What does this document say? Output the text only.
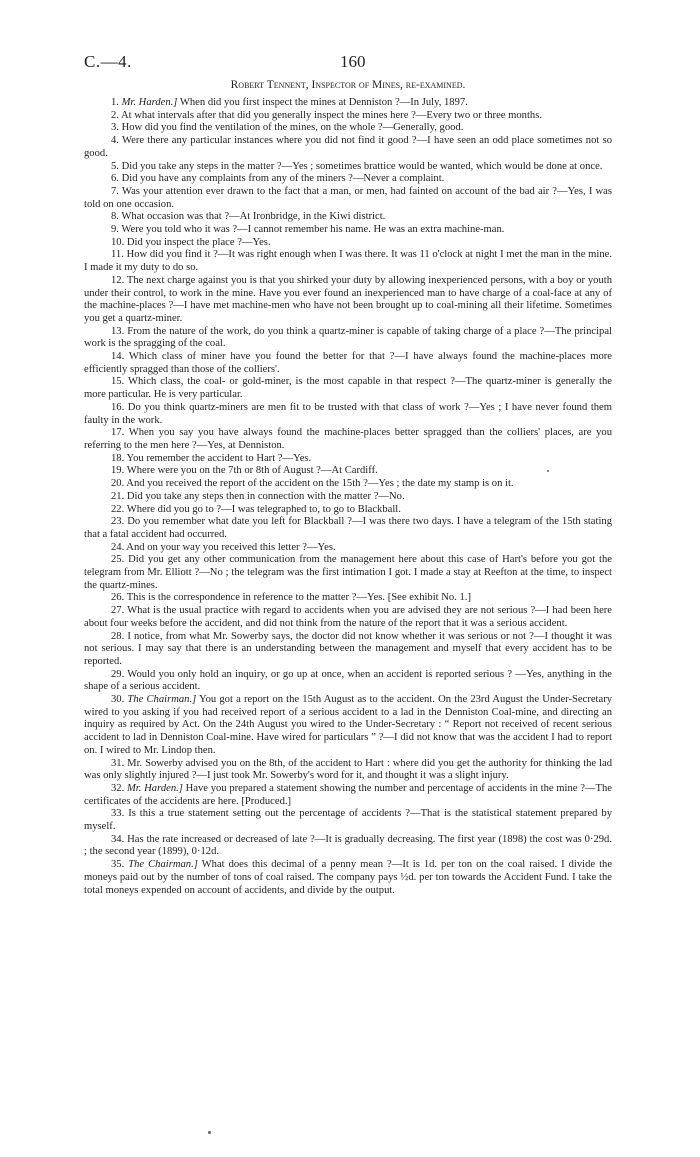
C.—4.	160
Robert Tennent, Inspector of Mines, re-examined.

1. Mr. Harden.] When did you first inspect the mines at Denniston ?—In July, 1897.

2. At what intervals after that did you generally inspect the mines here ?—Every two or three months.

3. How did you find the ventilation of the mines, on the whole ?—Generally, good.

4. Were there any particular instances where you did not find it good ?—I have seen an odd place sometimes not so good.

5. Did you take any steps in the matter ?—Yes ; sometimes brattice would be wanted, which would be done at once.

6. Did you have any complaints from any of the miners ?—Never a complaint.

7. Was your attention ever drawn to the fact that a man, or men, had fainted on account of the bad air ?—Yes, I was told on one occasion.

8. What occasion was that ?—At Ironbridge, in the Kiwi district.

9. Were you told who it was ?—I cannot remember his name. He was an extra machine-man.

10. Did you inspect the place ?—Yes.

11. How did you find it ?—It was right enough when I was there. It was 11 o'clock at night I met the man in the mine. I made it my duty to do so.

12. The next charge against you is that you shirked your duty by allowing inexperienced persons, with a boy or youth under their control, to work in the mine. Have you ever found an inexperienced man to have charge of a coal-face at any of the machine-places ?—I have met machine-men who have not been brought up to coal-mining all their lifetime. Sometimes you get a quartz-miner.

13. From the nature of the work, do you think a quartz-miner is capable of taking charge of a place ?—The principal work is the spragging of the coal.

14. Which class of miner have you found the better for that ?—I have always found the machine-places more efficiently spragged than those of the colliers'.

15. Which class, the coal- or gold-miner, is the most capable in that respect ?—The quartz-miner is generally the more particular. He is very particular.

16. Do you think quartz-miners are men fit to be trusted with that class of work ?—Yes ; I have never found them faulty in the work.

17. When you say you have always found the machine-places better spragged than the colliers' places, are you referring to the men here ?—Yes, at Denniston.

18. You remember the accident to Hart ?—Yes.

19. Where were you on the 7th or 8th of August ?—At Cardiff.

20. And you received the report of the accident on the 15th ?—Yes ; the date my stamp is on it.

21. Did you take any steps then in connection with the matter ?—No.

22. Where did you go to ?—I was telegraphed to, to go to Blackball.

23. Do you remember what date you left for Blackball ?—I was there two days. I have a telegram of the 15th stating that a fatal accident had occurred.

24. And on your way you received this letter ?—Yes.

25. Did you get any other communication from the management here about this case of Hart's before you got the telegram from Mr. Elliott ?—No ; the telegram was the first intimation I got. I made a stay at Reefton at the time, to inspect the quartz-mines.

26. This is the correspondence in reference to the matter ?—Yes. [See exhibit No. 1.]

27. What is the usual practice with regard to accidents when you are advised they are not serious ?—I had been here about four weeks before the accident, and did not think from the nature of the report that it was a serious accident.

28. I notice, from what Mr. Sowerby says, the doctor did not know whether it was serious or not ?—I thought it was not serious. I may say that there is an understanding between the management and myself that every accident has to be reported.

29. Would you only hold an inquiry, or go up at once, when an accident is reported serious ? —Yes, anything in the shape of a serious accident.

30. The Chairman.] You got a report on the 15th August as to the accident. On the 23rd August the Under-Secretary wired to you asking if you had received report of a serious accident to a lad in the Denniston Coal-mine, and directing an inquiry as required by Act. On the 24th August you wired to the Under-Secretary : “ Report not received of recent serious accident to lad in Denniston Coal-mine. Have wired for particulars ” ?—I did not know that was the accident I had to report on. I wired to Mr. Lindop then.

31. Mr. Sowerby advised you on the 8th, of the accident to Hart : where did you get the authority for thinking the lad was only slightly injured ?—I just took Mr. Sowerby's word for it, and thought it was a slight injury.

32. Mr. Harden.] Have you prepared a statement showing the number and percentage of accidents in the mine ?—The certificates of the accidents are here. [Produced.]

33. Is this a true statement setting out the percentage of accidents ?—That is the statistical statement prepared by myself.

34. Has the rate increased or decreased of late ?—It is gradually decreasing. The first year (1898) the cost was 0·29d. ; the second year (1899), 0·12d.

35. The Chairman.] What does this decimal of a penny mean ?—It is 1d. per ton on the coal raised. I divide the moneys paid out by the number of tons of coal raised. The company pays ½d. per ton towards the Accident Fund. I take the total moneys expended on account of accidents, and divide by the output.
